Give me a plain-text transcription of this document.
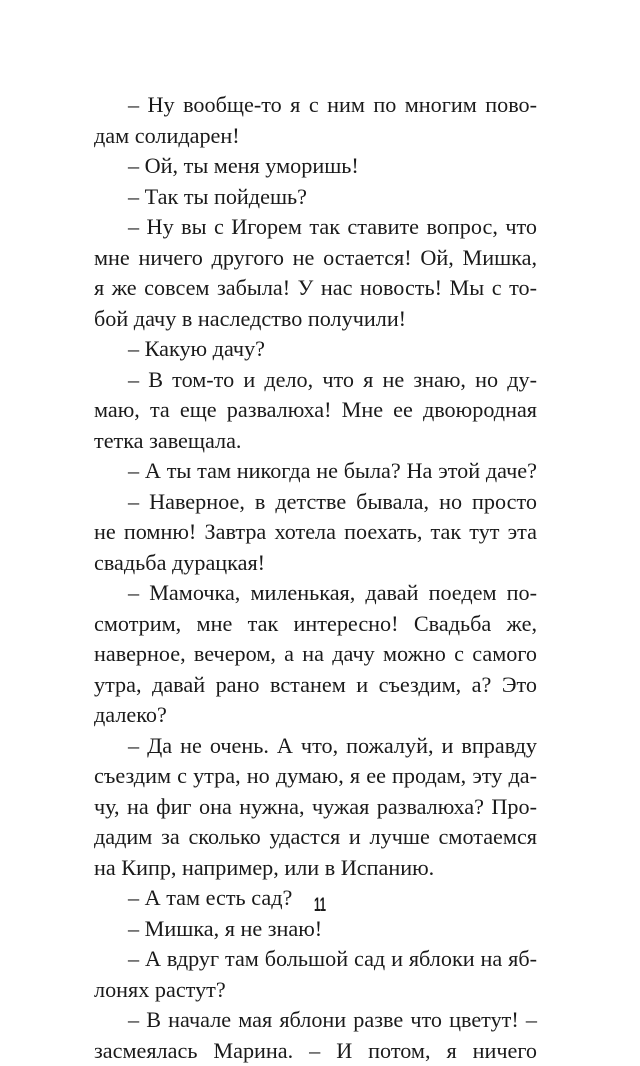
– Ну вообще-то я с ним по многим пово-
дам солидарен!
– Ой, ты меня уморишь!
– Так ты пойдешь?
– Ну вы с Игорем так ставите вопрос, что
мне ничего другого не остается! Ой, Мишка,
я же совсем забыла! У нас новость! Мы с то-
бой дачу в наследство получили!
– Какую дачу?
– В том-то и дело, что я не знаю, но ду-
маю, та еще развалюха! Мне ее двоюродная
тетка завещала.
– А ты там никогда не была? На этой даче?
– Наверное, в детстве бывала, но просто
не помню! Завтра хотела поехать, так тут эта
свадьба дурацкая!
– Мамочка, миленькая, давай поедем по-
смотрим, мне так интересно! Свадьба же,
наверное, вечером, а на дачу можно с самого
утра, давай рано встанем и съездим, а? Это
далеко?
– Да не очень. А что, пожалуй, и вправду
съездим с утра, но думаю, я ее продам, эту да-
чу, на фиг она нужна, чужая развалюха? Про-
дадим за сколько удастся и лучше смотаемся
на Кипр, например, или в Испанию.
– А там есть сад?
– Мишка, я не знаю!
– А вдруг там большой сад и яблоки на яб-
лонях растут?
– В начале мая яблони разве что цветут! –
засмеялась Марина. – И потом, я ничего
11
